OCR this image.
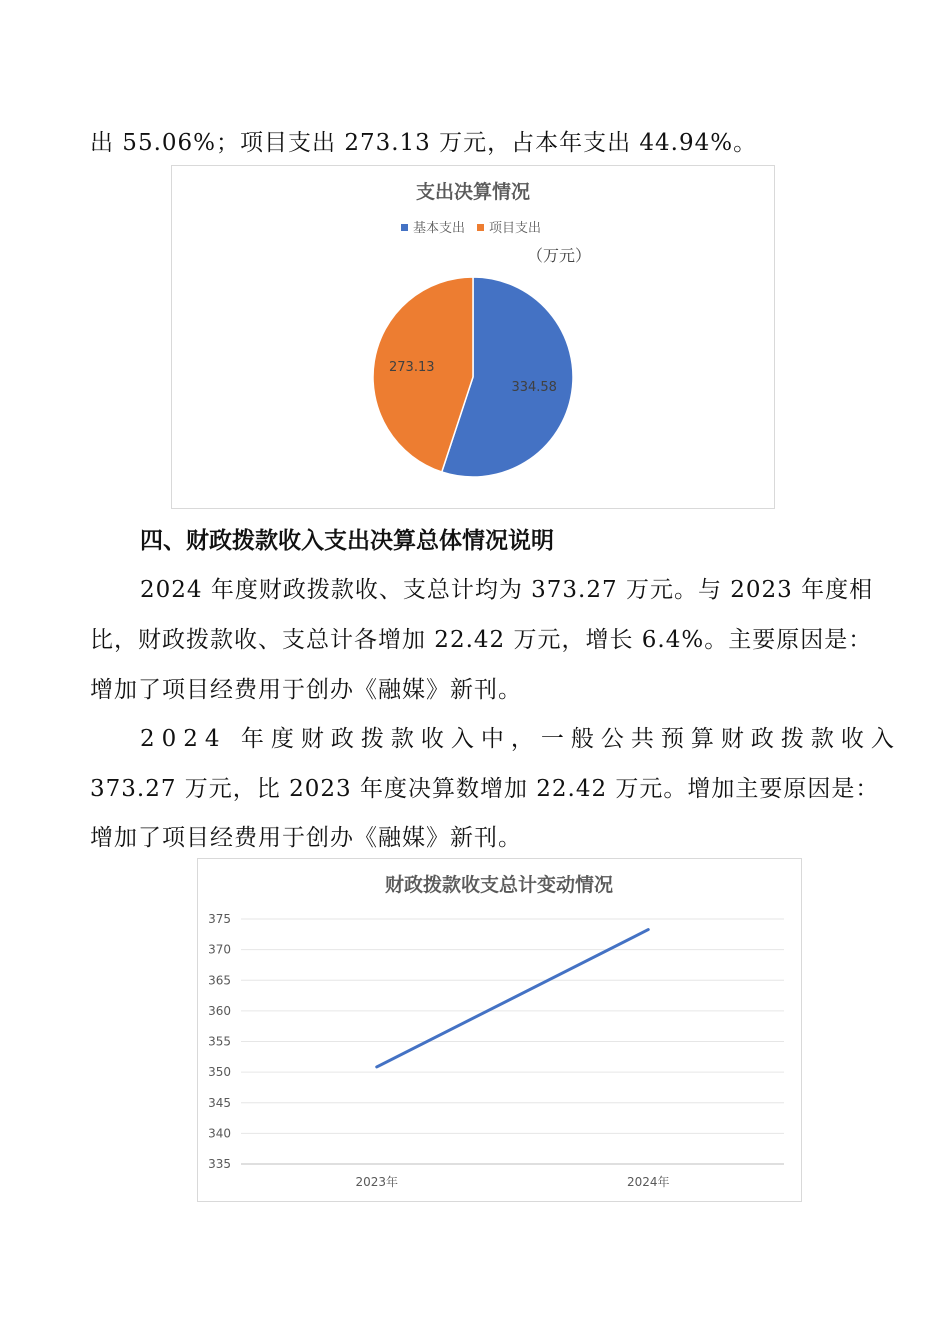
出 55.06%；项目支出 273.13 万元，占本年支出 44.94%。

支出决算情况
基本支出 项目支出
（万元）
334.58
273.13

四、财政拨款收入支出决算总体情况说明

2024 年度财政拨款收、支总计均为 373.27 万元。与 2023 年度相

比，财政拨款收、支总计各增加 22.42 万元，增长 6.4%。主要原因是：

增加了项目经费用于创办《融媒》新刊。

2024 年度财政拨款收入中，一般公共预算财政拨款收入

373.27 万元，比 2023 年度决算数增加 22.42 万元。增加主要原因是：

增加了项目经费用于创办《融媒》新刊。

财政拨款收支总计变动情况
335
340
345
350
355
360
365
370
375
2023年	2024年
